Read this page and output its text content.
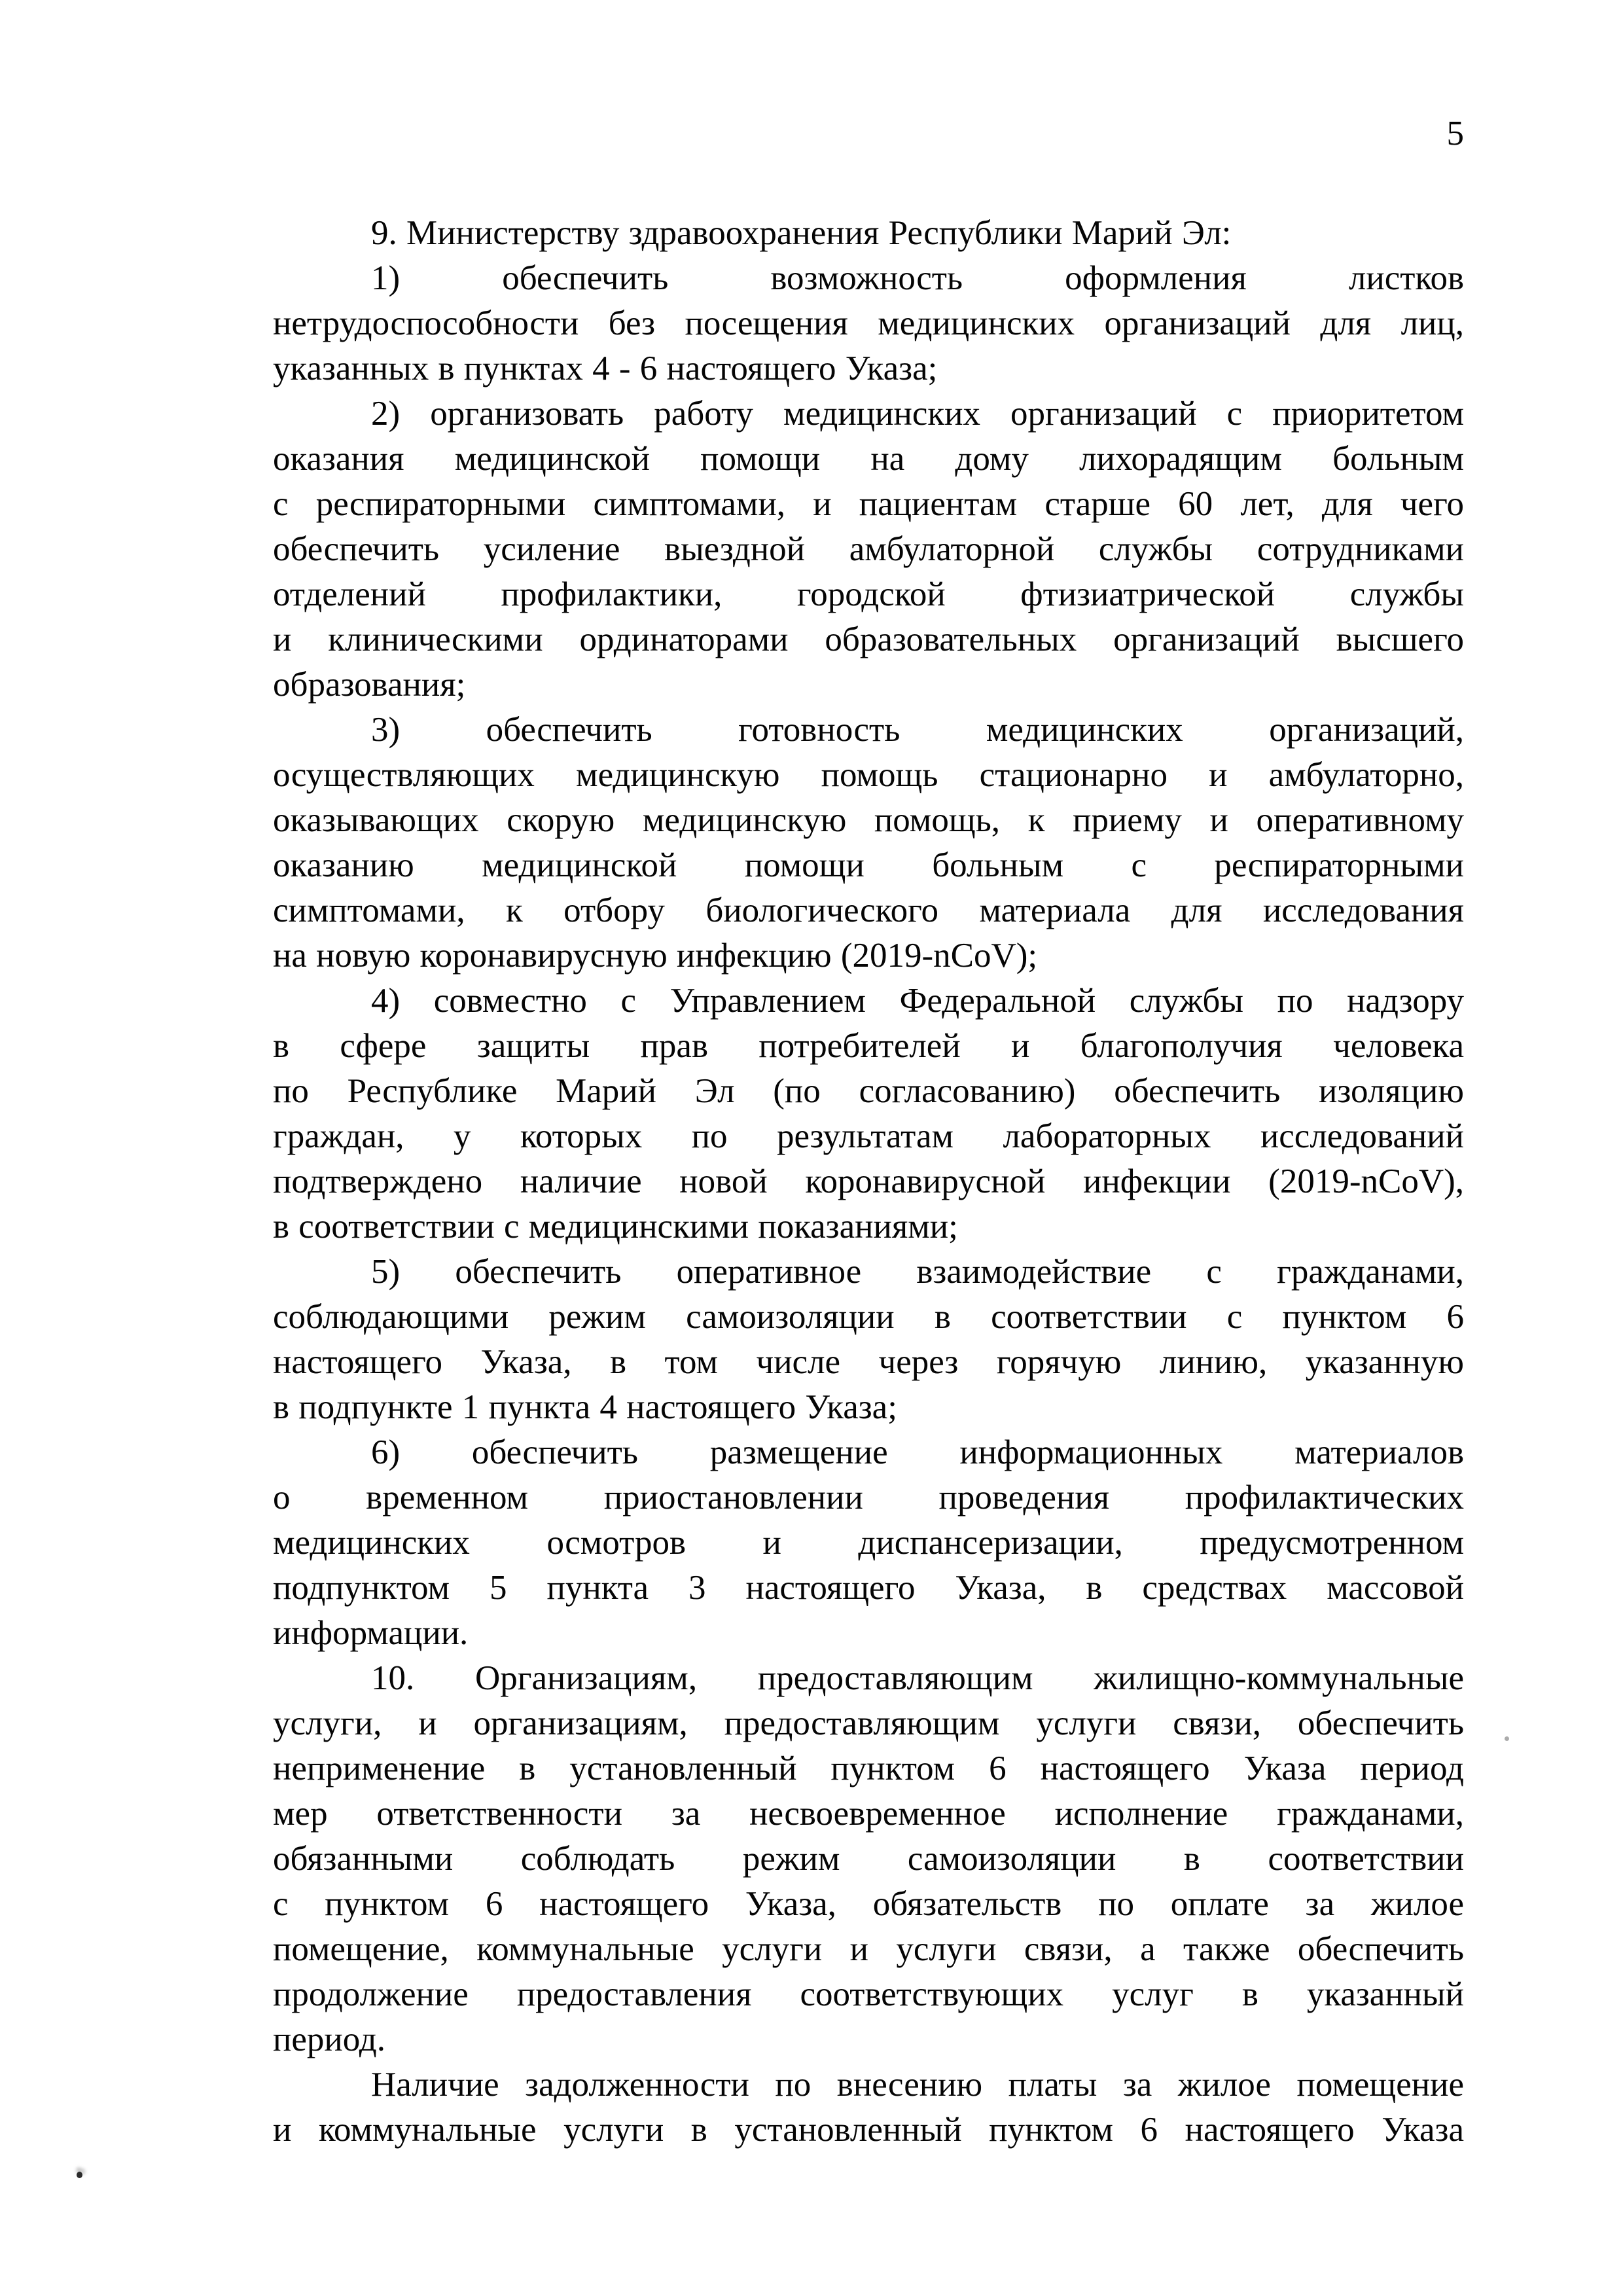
5
9. Министерству здравоохранения Республики Марий Эл:
1) обеспечить возможность оформления листков
нетрудоспособности без посещения медицинских организаций для лиц,
указанных в пунктах 4 - 6 настоящего Указа;
2) организовать работу медицинских организаций с приоритетом
оказания медицинской помощи на дому лихорадящим больным
с респираторными симптомами, и пациентам старше 60 лет, для чего
обеспечить усиление выездной амбулаторной службы сотрудниками
отделений профилактики, городской фтизиатрической службы
и клиническими ординаторами образовательных организаций высшего
образования;
3) обеспечить готовность медицинских организаций,
осуществляющих медицинскую помощь стационарно и амбулаторно,
оказывающих скорую медицинскую помощь, к приему и оперативному
оказанию медицинской помощи больным с респираторными
симптомами, к отбору биологического материала для исследования
на новую коронавирусную инфекцию (2019-nCoV);
4) совместно с Управлением Федеральной службы по надзору
в сфере защиты прав потребителей и благополучия человека
по Республике Марий Эл (по согласованию) обеспечить изоляцию
граждан, у которых по результатам лабораторных исследований
подтверждено наличие новой коронавирусной инфекции (2019-nCoV),
в соответствии с медицинскими показаниями;
5) обеспечить оперативное взаимодействие с гражданами,
соблюдающими режим самоизоляции в соответствии с пунктом 6
настоящего Указа, в том числе через горячую линию, указанную
в подпункте 1 пункта 4 настоящего Указа;
6) обеспечить размещение информационных материалов
о временном приостановлении проведения профилактических
медицинских осмотров и диспансеризации, предусмотренном
подпунктом 5 пункта 3 настоящего Указа, в средствах массовой
информации.
10. Организациям, предоставляющим жилищно-коммунальные
услуги, и организациям, предоставляющим услуги связи, обеспечить
неприменение в установленный пунктом 6 настоящего Указа период
мер ответственности за несвоевременное исполнение гражданами,
обязанными соблюдать режим самоизоляции в соответствии
с пунктом 6 настоящего Указа, обязательств по оплате за жилое
помещение, коммунальные услуги и услуги связи, а также обеспечить
продолжение предоставления соответствующих услуг в указанный
период.
Наличие задолженности по внесению платы за жилое помещение
и коммунальные услуги в установленный пунктом 6 настоящего Указа
